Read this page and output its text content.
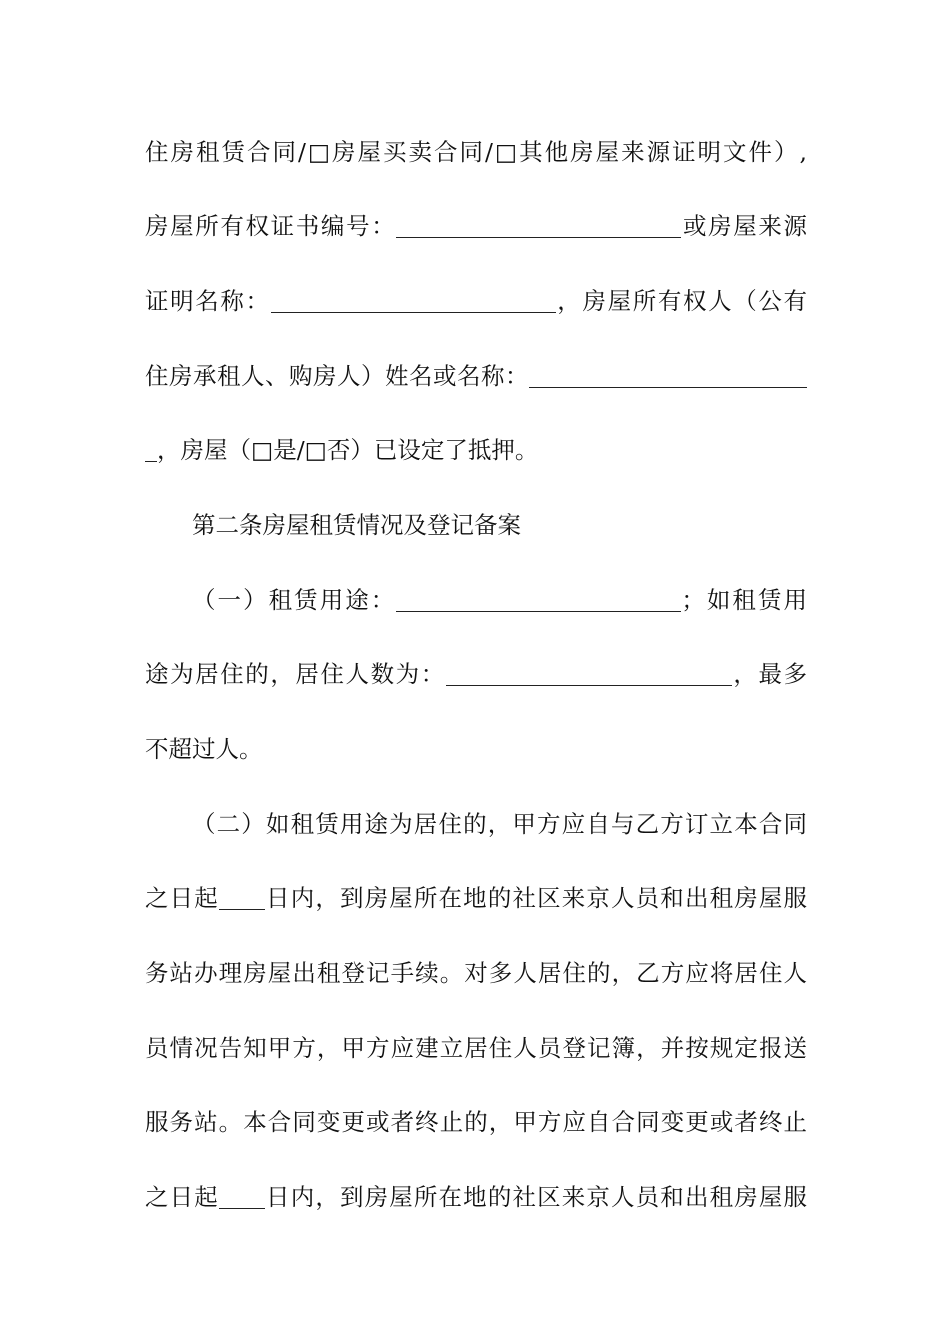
住房租赁合同/□房屋买卖合同/□其他房屋来源证明文件）,
房屋所有权证书编号：	或房屋来源
证明名称：	，房屋所有权人（公有
住房承租人、购房人）姓名或名称：
，房屋（□是/□否）已设定了抵押。
第二条房屋租赁情况及登记备案
（一）租赁用途：	；如租赁用
途为居住的，居住人数为：	，最多
不超过人。
（二）如租赁用途为居住的，甲方应自与乙方订立本合同
之日起 日内，到房屋所在地的社区来京人员和出租房屋服
务站办理房屋出租登记手续。对多人居住的，乙方应将居住人
员情况告知甲方，甲方应建立居住人员登记簿，并按规定报送
服务站。本合同变更或者终止的，甲方应自合同变更或者终止
之日起 日内，到房屋所在地的社区来京人员和出租房屋服
